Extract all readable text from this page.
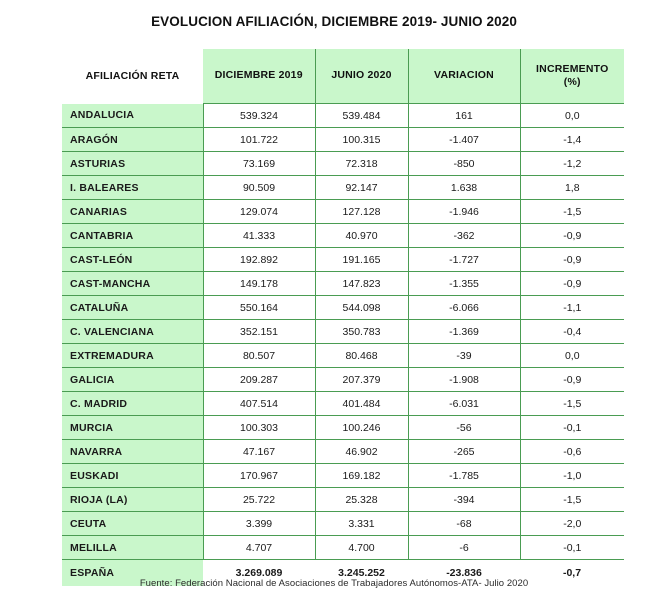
EVOLUCION AFILIACIÓN, DICIEMBRE 2019- JUNIO 2020
AFILIACIÓN RETA	DICIEMBRE 2019	JUNIO 2020	VARIACION	INCREMENTO
(%)
ANDALUCIA	539.324	539.484	161	0,0
ARAGÓN	101.722	100.315	-1.407	-1,4
ASTURIAS	73.169	72.318	-850	-1,2
I. BALEARES	90.509	92.147	1.638	1,8
CANARIAS	129.074	127.128	-1.946	-1,5
CANTABRIA	41.333	40.970	-362	-0,9
CAST-LEÓN	192.892	191.165	-1.727	-0,9
CAST-MANCHA	149.178	147.823	-1.355	-0,9
CATALUÑA	550.164	544.098	-6.066	-1,1
C. VALENCIANA	352.151	350.783	-1.369	-0,4
EXTREMADURA	80.507	80.468	-39	0,0
GALICIA	209.287	207.379	-1.908	-0,9
C. MADRID	407.514	401.484	-6.031	-1,5
MURCIA	100.303	100.246	-56	-0,1
NAVARRA	47.167	46.902	-265	-0,6
EUSKADI	170.967	169.182	-1.785	-1,0
RIOJA (LA)	25.722	25.328	-394	-1,5
CEUTA	3.399	3.331	-68	-2,0
MELILLA	4.707	4.700	-6	-0,1
ESPAÑA	3.269.089	3.245.252	-23.836	-0,7
Fuente: Federación Nacional de Asociaciones de Trabajadores Autónomos-ATA- Julio 2020
